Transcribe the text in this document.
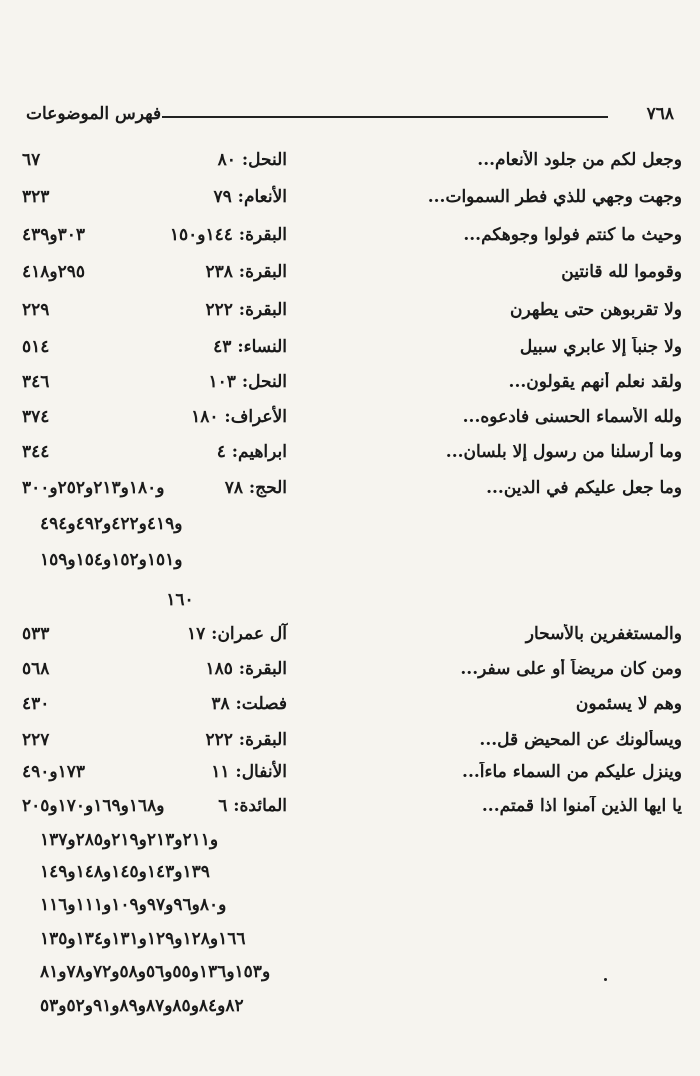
٧٦٨
فهرس الموضوعات
وجعل لكم من جلود الأنعام...
النحل: ٨٠
٦٧
وجهت وجهي للذي فطر السموات...
الأنعام: ٧٩
٣٢٣
وحيث ما كنتم فولوا وجوهكم...
البقرة: ١٤٤و١٥٠
٣٠٣و٤٣٩
وقوموا لله قانتين
البقرة: ٢٣٨
٢٩٥و٤١٨
ولا تقربوهن حتى يطهرن
البقرة: ٢٢٢
٢٢٩
ولا جنباً إلا عابري سبيل
النساء: ٤٣
٥١٤
ولقد نعلم أنهم يقولون...
النحل: ١٠٣
٣٤٦
ولله الأسماء الحسنى فادعوه...
الأعراف: ١٨٠
٣٧٤
وما أرسلنا من رسول إلا بلسان...
ابراهيم: ٤
٣٤٤
وما جعل عليكم في الدين...
الحج: ٧٨
و١٨٠و٢١٣و٢٥٢و٣٠٠
و٤١٩و٤٢٢و٤٩٢و٤٩٤
و١٥١و١٥٢و١٥٤و١٥٩
١٦٠
والمستغفرين بالأسحار
آل عمران: ١٧
٥٣٣
ومن كان مريضاً أو على سفر...
البقرة: ١٨٥
٥٦٨
وهم لا يسئمون
فصلت: ٣٨
٤٣٠
ويسألونك عن المحيض قل...
البقرة: ٢٢٢
٢٢٧
وينزل عليكم من السماء ماءاً...
الأنفال: ١١
١٧٣و٤٩٠
يا ايها الذين آمنوا اذا قمتم...
المائدة: ٦
و١٦٨و١٦٩و١٧٠و٢٠٥
و٢١١و٢١٣و٢١٩و٢٨٥و١٣٧
١٣٩و١٤٣و١٤٥و١٤٨و١٤٩
و٨٠و٩٦و٩٧و١٠٩و١١١و١١٦
١٦٦و١٢٨و١٢٩و١٣١و١٣٤و١٣٥
و١٥٣و١٣٦و٥٥و٥٦و٥٨و٧٢و٧٨و٨١
٨٢و٨٤و٨٥و٨٧و٨٩و٩١و٥٢و٥٣
